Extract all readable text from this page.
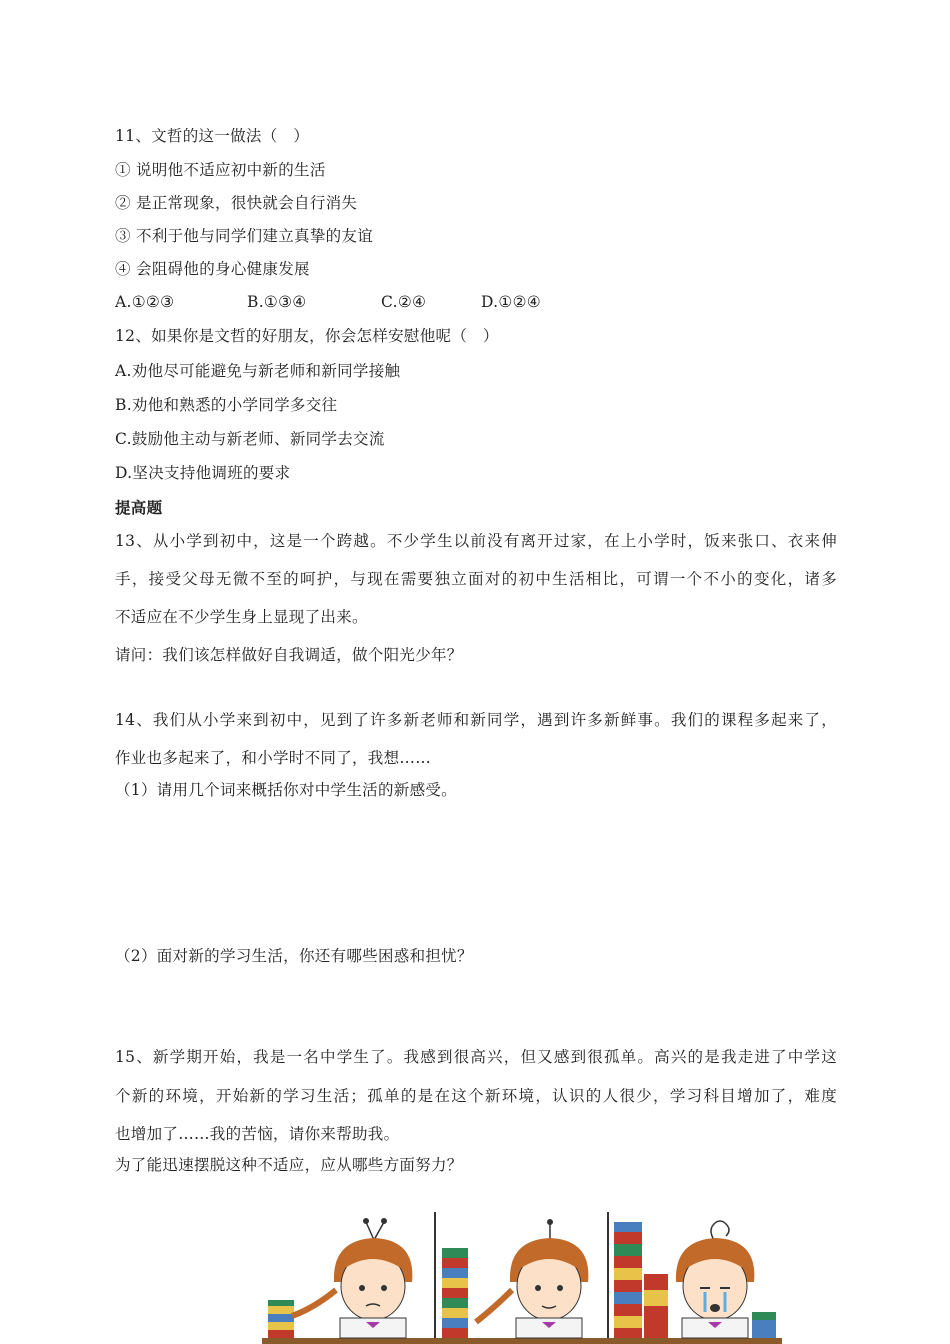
11、文哲的这一做法（　）
① 说明他不适应初中新的生活
② 是正常现象，很快就会自行消失
③ 不利于他与同学们建立真挚的友谊
④ 会阻碍他的身心健康发展
A.①②③	B.①③④	C.②④	D.①②④
12、如果你是文哲的好朋友，你会怎样安慰他呢（　）
A.劝他尽可能避免与新老师和新同学接触
B.劝他和熟悉的小学同学多交往
C.鼓励他主动与新老师、新同学去交流
D.坚决支持他调班的要求
提高题
13、从小学到初中，这是一个跨越。不少学生以前没有离开过家，在上小学时，饭来张口、衣来伸
手，接受父母无微不至的呵护，与现在需要独立面对的初中生活相比，可谓一个不小的变化，诸多
不适应在不少学生身上显现了出来。
请问：我们该怎样做好自我调适，做个阳光少年？
14、我们从小学来到初中，见到了许多新老师和新同学，遇到许多新鲜事。我们的课程多起来了，
作业也多起来了，和小学时不同了，我想……
（1）请用几个词来概括你对中学生活的新感受。
（2）面对新的学习生活，你还有哪些困惑和担忧？
15、新学期开始，我是一名中学生了。我感到很高兴，但又感到很孤单。高兴的是我走进了中学这
个新的环境，开始新的学习生活；孤单的是在这个新环境，认识的人很少，学习科目增加了，难度
也增加了……我的苦恼，请你来帮助我。
为了能迅速摆脱这种不适应，应从哪些方面努力？
